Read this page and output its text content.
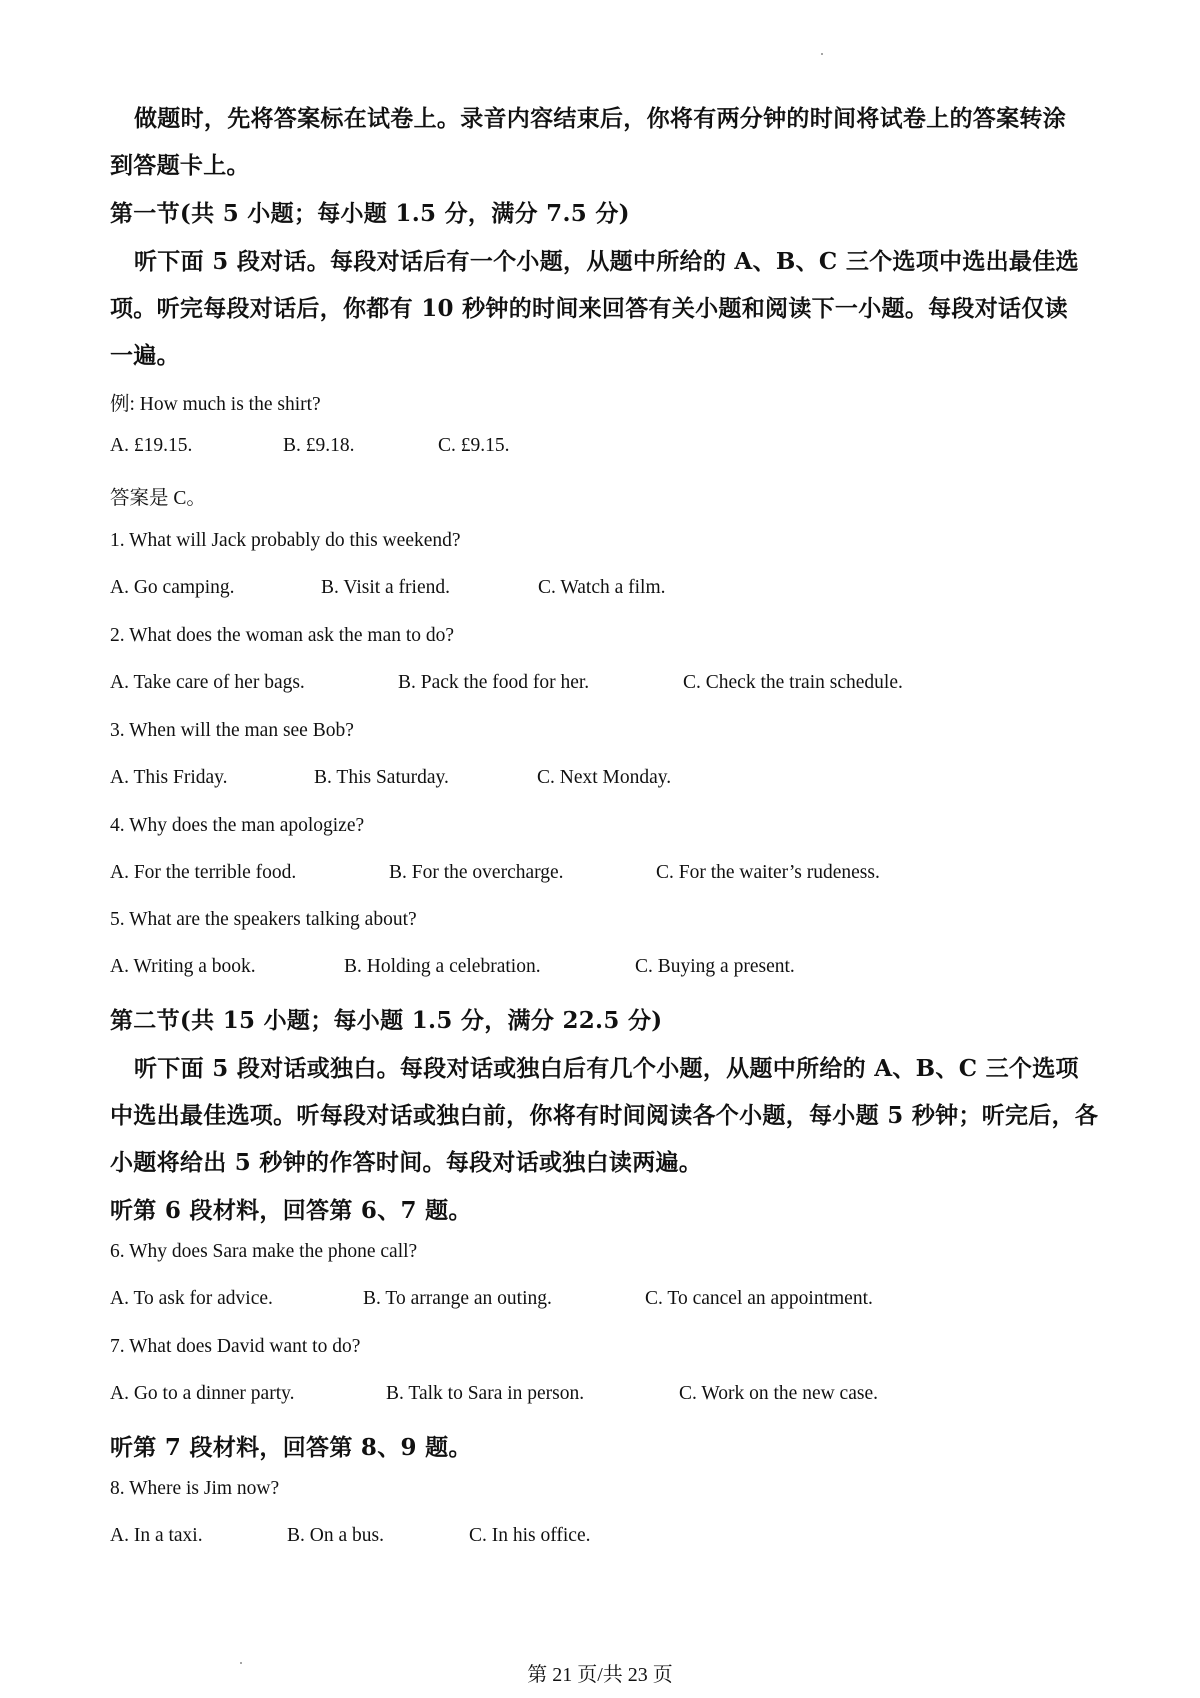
做题时，先将答案标在试卷上。录音内容结束后，你将有两分钟的时间将试卷上的答案转涂
到答题卡上。
第一节(共 5 小题；每小题 1.5 分，满分 7.5 分)
听下面 5 段对话。每段对话后有一个小题，从题中所给的 A、B、C 三个选项中选出最佳选
项。听完每段对话后，你都有 10 秒钟的时间来回答有关小题和阅读下一小题。每段对话仅读
一遍。
例: How much is the shirt?
A. £19.15.	B. £9.18.	C. £9.15.
答案是 C。
1. What will Jack probably do this weekend?
A. Go camping.	B. Visit a friend.	C. Watch a film.
2. What does the woman ask the man to do?
A. Take care of her bags.	B. Pack the food for her.	C. Check the train schedule.
3. When will the man see Bob?
A. This Friday.	B. This Saturday.	C. Next Monday.
4. Why does the man apologize?
A. For the terrible food.	B. For the overcharge.	C. For the waiter’s rudeness.
5. What are the speakers talking about?
A. Writing a book.	B. Holding a celebration.	C. Buying a present.
第二节(共 15 小题；每小题 1.5 分，满分 22.5 分)
听下面 5 段对话或独白。每段对话或独白后有几个小题，从题中所给的 A、B、C 三个选项
中选出最佳选项。听每段对话或独白前，你将有时间阅读各个小题，每小题 5 秒钟；听完后，各
小题将给出 5 秒钟的作答时间。每段对话或独白读两遍。
听第 6 段材料，回答第 6、7 题。
6. Why does Sara make the phone call?
A. To ask for advice.	B. To arrange an outing.	C. To cancel an appointment.
7. What does David want to do?
A. Go to a dinner party.	B. Talk to Sara in person.	C. Work on the new case.
听第 7 段材料，回答第 8、9 题。
8. Where is Jim now?
A. In a taxi.	B. On a bus.	C. In his office.
第 21 页/共 23 页
